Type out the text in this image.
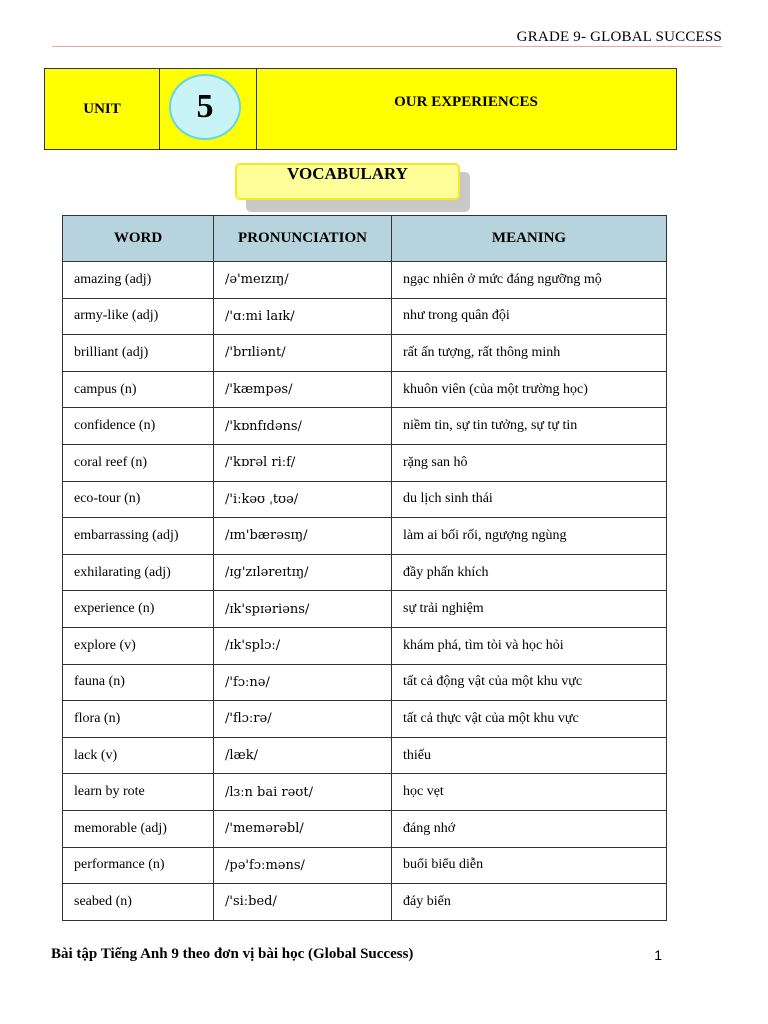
GRADE 9- GLOBAL SUCCESS
UNIT	5	OUR EXPERIENCES
VOCABULARY
WORD	PRONUNCIATION	MEANING
amazing (adj)	/ə'meɪzɪŋ/	ngạc nhiên ở mức đáng ngưỡng mộ
army-like (adj)	/'ɑːmi laɪk/	như trong quân đội
brilliant (adj)	/'brɪliənt/	rất ấn tượng, rất thông minh
campus (n)	/'kæmpəs/	khuôn viên (của một trường học)
confidence (n)	/'kɒnfɪdəns/	niềm tin, sự tin tưởng, sự tự tin
coral reef (n)	/'kɒrəl riːf/	rặng san hô
eco-tour (n)	/'iːkəʊ ˌtʊə/	du lịch sinh thái
embarrassing (adj)	/ɪm'bærəsɪŋ/	làm ai bối rối, ngượng ngùng
exhilarating (adj)	/ɪg'zɪləreɪtɪŋ/	đầy phấn khích
experience (n)	/ɪk'spɪəriəns/	sự trải nghiệm
explore (v)	/ɪk'splɔː/	khám phá, tìm tòi và học hỏi
fauna (n)	/'fɔːnə/	tất cả động vật của một khu vực
flora (n)	/'flɔːrə/	tất cả thực vật của một khu vực
lack (v)	/læk/	thiếu
learn by rote	/lɜːn bai rəʊt/	học vẹt
memorable (adj)	/'memərəbl/	đáng nhớ
performance (n)	/pə'fɔːməns/	buổi biểu diễn
seabed (n)	/'siːbed/	đáy biển
Bài tập Tiếng Anh 9 theo đơn vị bài học (Global Success)	1
